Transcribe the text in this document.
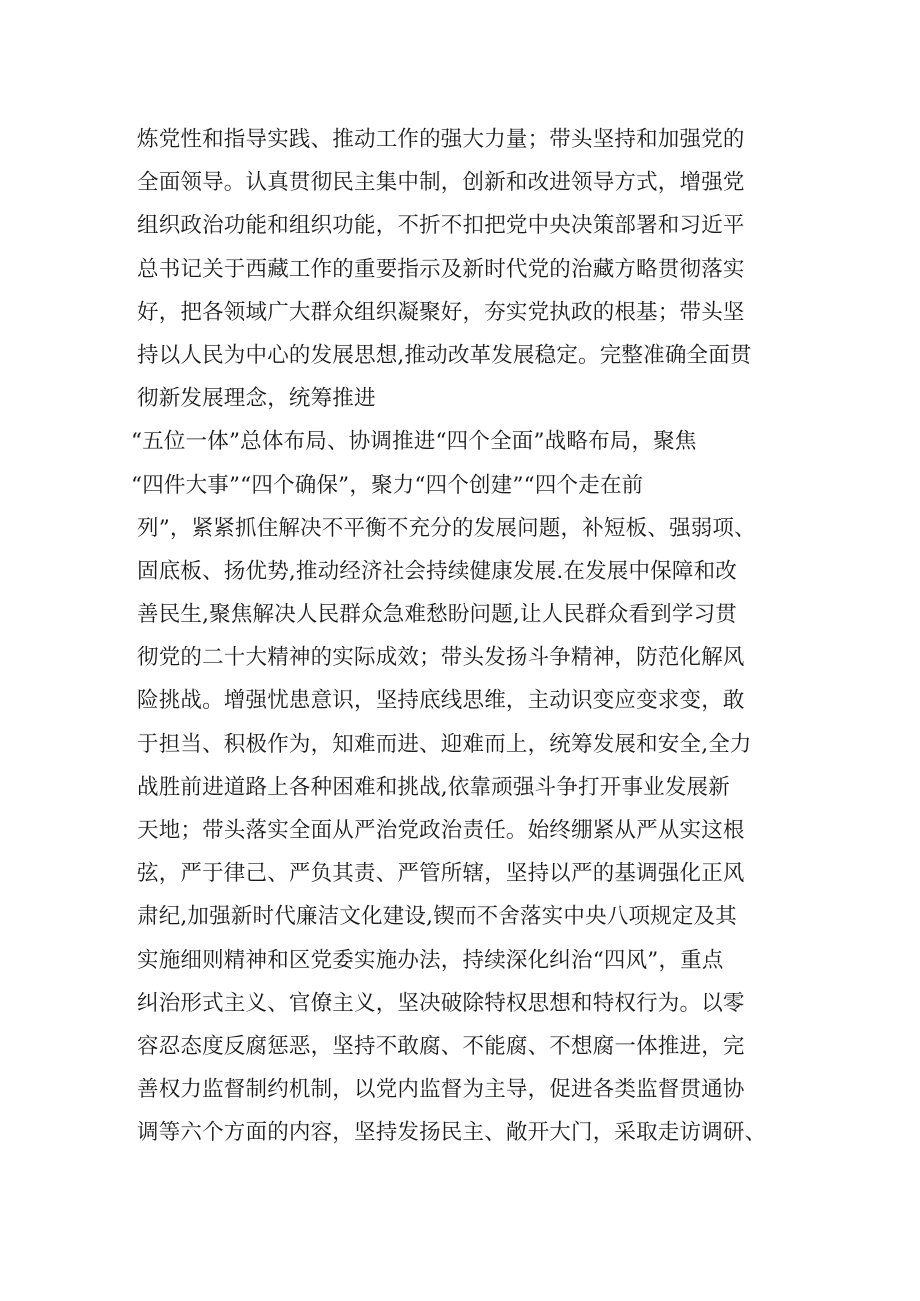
炼党性和指导实践、推动工作的强大力量；带头坚持和加强党的
全面领导。认真贯彻民主集中制，创新和改进领导方式，增强党
组织政治功能和组织功能，不折不扣把党中央决策部署和习近平
总书记关于西藏工作的重要指示及新时代党的治藏方略贯彻落实
好，把各领域广大群众组织凝聚好，夯实党执政的根基；带头坚
持以人民为中心的发展思想,推动改革发展稳定。完整准确全面贯
彻新发展理念，统筹推进
“五位一体”总体布局、协调推进“四个全面”战略布局，聚焦
“四件大事”“四个确保”，聚力“四个创建”“四个走在前
列”，紧紧抓住解决不平衡不充分的发展问题，补短板、强弱项、
固底板、扬优势,推动经济社会持续健康发展.在发展中保障和改
善民生,聚焦解决人民群众急难愁盼问题,让人民群众看到学习贯
彻党的二十大精神的实际成效；带头发扬斗争精神，防范化解风
险挑战。增强忧患意识，坚持底线思维，主动识变应变求变，敢
于担当、积极作为，知难而进、迎难而上，统筹发展和安全,全力
战胜前进道路上各种困难和挑战,依靠顽强斗争打开事业发展新
天地；带头落实全面从严治党政治责任。始终绷紧从严从实这根
弦，严于律己、严负其责、严管所辖，坚持以严的基调强化正风
肃纪,加强新时代廉洁文化建设,锲而不舍落实中央八项规定及其
实施细则精神和区党委实施办法，持续深化纠治“四风”，重点
纠治形式主义、官僚主义，坚决破除特权思想和特权行为。以零
容忍态度反腐惩恶，坚持不敢腐、不能腐、不想腐一体推进，完
善权力监督制约机制，以党内监督为主导，促进各类监督贯通协
调等六个方面的内容，坚持发扬民主、敞开大门，采取走访调研、
